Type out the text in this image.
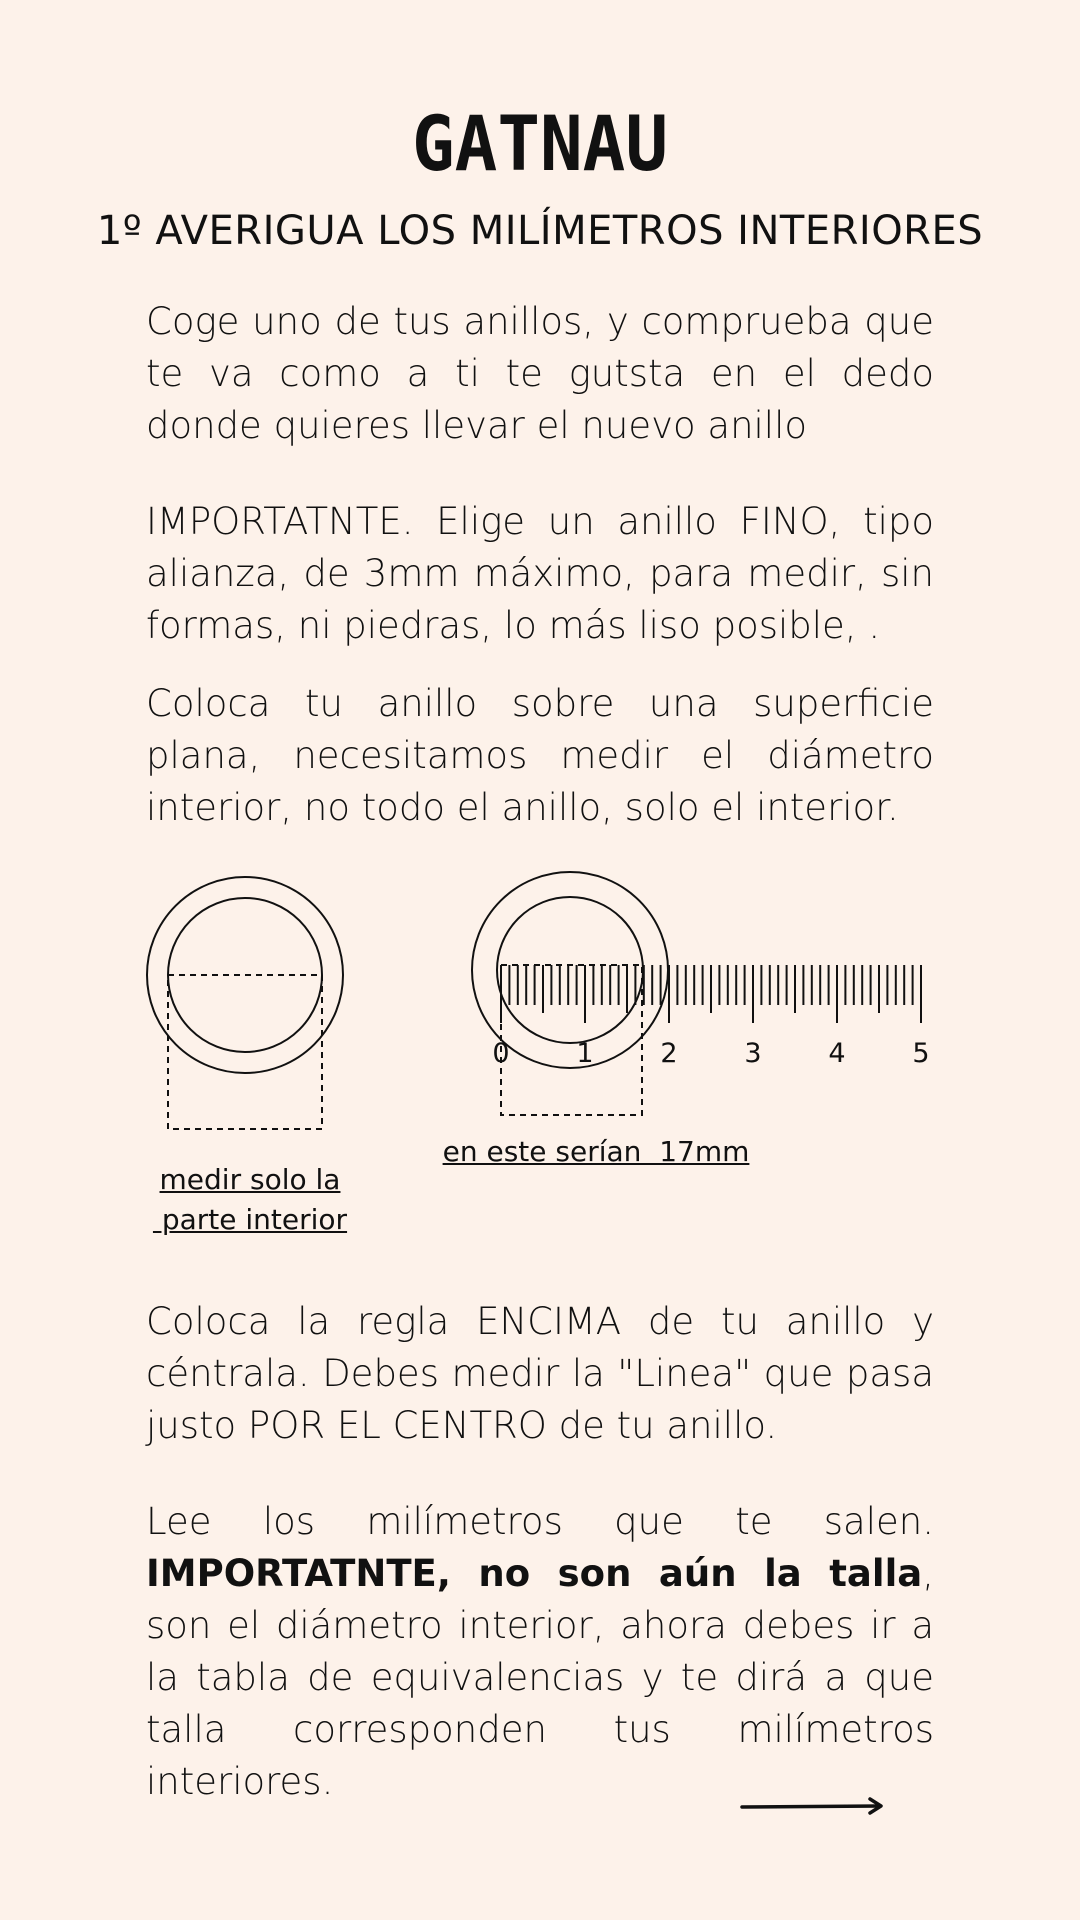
GATNAU
1º AVERIGUA LOS MILÍMETROS INTERIORES

Coge uno de tus anillos, y comprueba que te va como a ti te gutsta en el dedo donde quieres llevar el nuevo anillo

IMPORTATNTE. Elige un anillo FINO, tipo alianza, de 3mm máximo, para medir, sin formas, ni piedras, lo más liso posible, .

Coloca tu anillo sobre una superficie plana, necesitamos medir el diámetro interior, no todo el anillo, solo el interior.

0 1 2 3 4 5
medir solo la
parte interior
en este serían  17mm

Coloca la regla ENCIMA de tu anillo y céntrala. Debes medir la "Linea" que pasa justo POR EL CENTRO de tu anillo.

Lee los milímetros que te salen. IMPORTATNTE, no son aún la talla, son el diámetro interior, ahora debes ir a la tabla de equivalencias y te dirá a que talla corresponden tus milímetros interiores.
